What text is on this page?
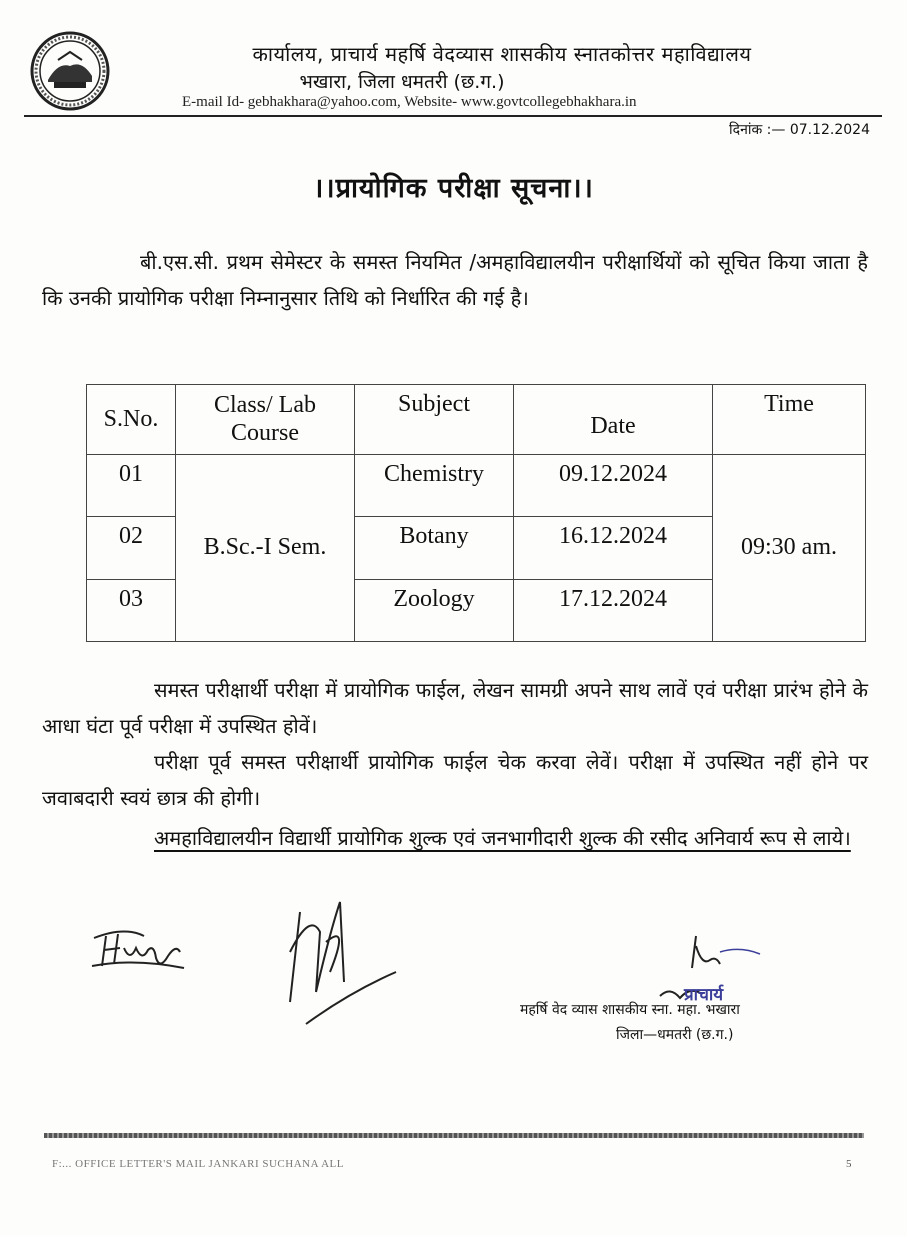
कार्यालय, प्राचार्य महर्षि वेदव्यास शासकीय स्नातकोत्तर महाविद्यालय
भखारा, जिला धमतरी (छ.ग.)
E-mail Id- gebhakhara@yahoo.com, Website- www.govtcollegebhakhara.in
दिनांक :— 07.12.2024
।।प्रायोगिक परीक्षा सूचना।।
बी.एस.सी. प्रथम सेमेस्टर के समस्त नियमित /अमहाविद्यालयीन परीक्षार्थियों को सूचित किया जाता है कि उनकी प्रायोगिक परीक्षा निम्नानुसार तिथि को निर्धारित की गई है।
S.No.	Class/ Lab Course	Subject	Date	Time
01	B.Sc.-I Sem.	Chemistry	09.12.2024	09:30 am.
02		Botany	16.12.2024	
03		Zoology	17.12.2024	
समस्त परीक्षार्थी परीक्षा में प्रायोगिक फाईल, लेखन सामग्री अपने साथ लावें एवं परीक्षा प्रारंभ होने के आधा घंटा पूर्व परीक्षा में उपस्थित होवें।
परीक्षा पूर्व समस्त परीक्षार्थी प्रायोगिक फाईल चेक करवा लेवें। परीक्षा में उपस्थित नहीं होने पर जवाबदारी स्वयं छात्र की होगी।
अमहाविद्यालयीन विद्यार्थी प्रायोगिक शुल्क एवं जनभागीदारी शुल्क की रसीद अनिवार्य रूप से लाये।
प्राचार्य
महर्षि वेद व्यास शासकीय स्ना. महा. भखारा
जिला—धमतरी (छ.ग.)
F:... OFFICE LETTER'S MAIL JANKARI SUCHANA ALL	5
